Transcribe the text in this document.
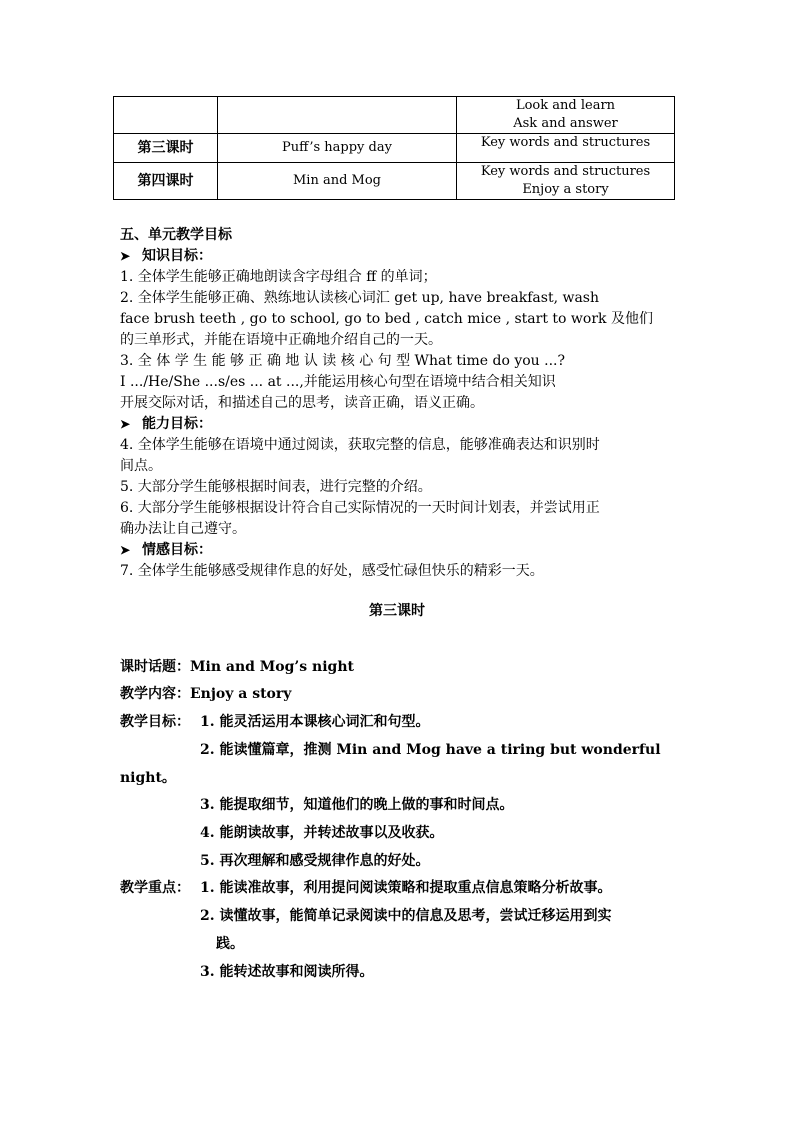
		Look and learn
Ask and answer

第三课时	Puff’s happy day	Key words and structures

第四课时	Min and Mog	Key words and structures
Enjoy a story
五、单元教学目标
➤ 知识目标：
1. 全体学生能够正确地朗读含字母组合 ff 的单词；
2. 全体学生能够正确、熟练地认读核心词汇 get up, have breakfast, wash
face brush teeth , go to school, go to bed , catch mice , start to work 及他们
的三单形式，并能在语境中正确地介绍自己的一天。
3. 全 体 学 生 能 够 正 确 地 认 读 核 心 句 型 What time do you ...?
I .../He/She ...s/es ... at ...,并能运用核心句型在语境中结合相关知识
开展交际对话，和描述自己的思考，读音正确，语义正确。
➤ 能力目标：
4. 全体学生能够在语境中通过阅读，获取完整的信息，能够准确表达和识别时
间点。
5. 大部分学生能够根据时间表，进行完整的介绍。
6. 大部分学生能够根据设计符合自己实际情况的一天时间计划表，并尝试用正
确办法让自己遵守。
➤ 情感目标：
7. 全体学生能够感受规律作息的好处，感受忙碌但快乐的精彩一天。
第三课时
课时话题：Min and Mog’s night
教学内容：Enjoy a story
教学目标： 1. 能灵活运用本课核心词汇和句型。
2. 能读懂篇章，推测 Min and Mog have a tiring but wonderful
night。
3. 能提取细节，知道他们的晚上做的事和时间点。
4. 能朗读故事，并转述故事以及收获。
5. 再次理解和感受规律作息的好处。
教学重点： 1. 能读准故事，利用提问阅读策略和提取重点信息策略分析故事。
2. 读懂故事，能简单记录阅读中的信息及思考，尝试迁移运用到实
践。
3. 能转述故事和阅读所得。
